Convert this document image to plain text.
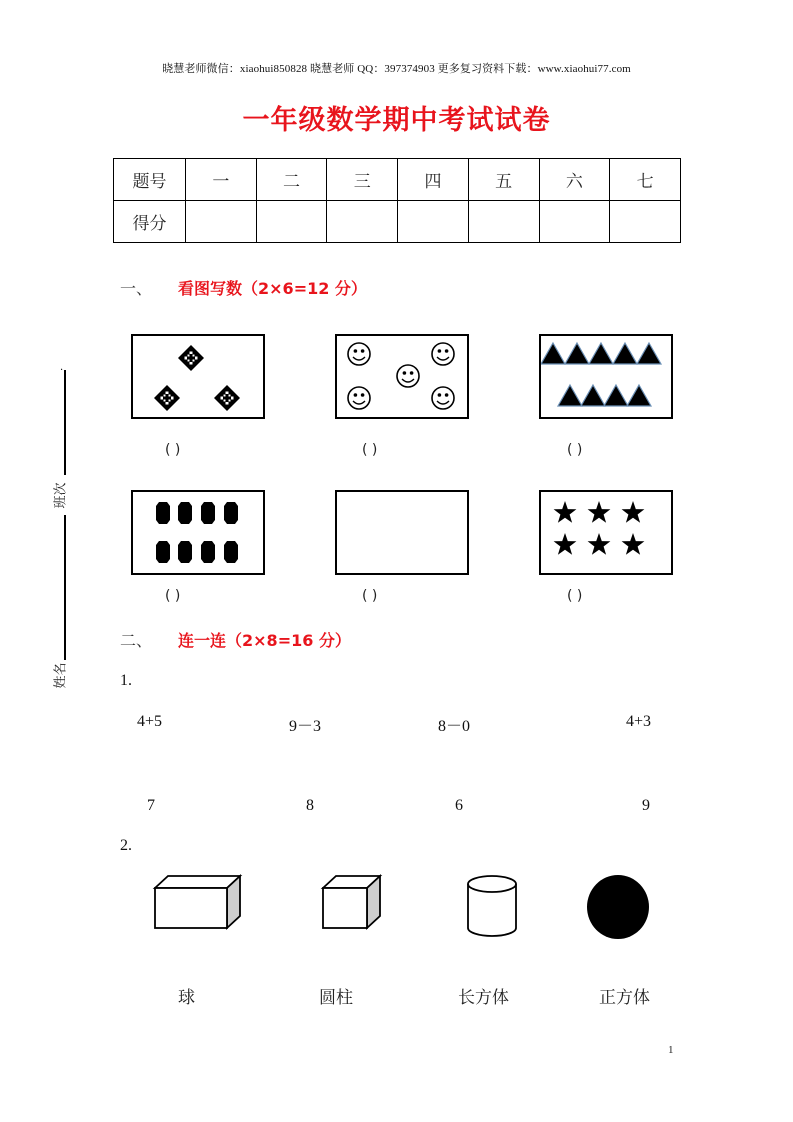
晓慧老师微信：xiaohui850828 晓慧老师 QQ：397374903 更多复习资料下载：www.xiaohui77.com
一年级数学期中考试试卷
题号	一	二	三	四	五	六	七
得分							
一、 看图写数（2×6=12 分）
( )	( )	( )
( )	( )	( )
二、 连一连（2×8=16 分）
1.
4+5	9－3	8－0	4+3
7	8	6	9
2.
球	圆柱	长方体	正方体
.
班次
姓名
1
